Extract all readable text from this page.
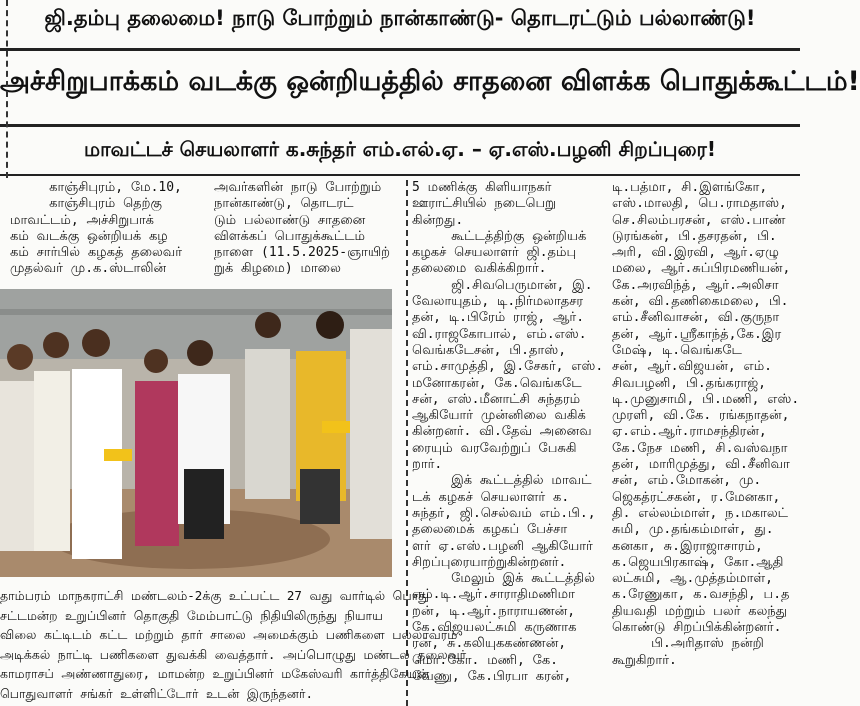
ஜி.தம்பு தலைமை! நாடு போற்றும் நான்காண்டு- தொடரட்டும் பல்லாண்டு!
அச்சிறுபாக்கம் வடக்கு ஒன்றியத்தில் சாதனை விளக்க பொதுக்கூட்டம்!
மாவட்டச் செயலாளர் க.சுந்தர் எம்.எல்.ஏ. – ஏ.எஸ்.பழனி சிறப்புரை!
காஞ்சிபுரம், மே.10,
காஞ்சிபுரம் தெற்கு
மாவட்டம், அச்சிறுபாக்
கம் வடக்கு ஒன்றியக் கழ
கம் சார்பில் கழகத் தலைவர்
முதல்வர் மு.க.ஸ்டாலின்
அவர்களின் நாடு போற்றும்
நான்காண்டு, தொடரட்
டும் பல்லாண்டு சாதனை
விளக்கப் பொதுக்கூட்டம்
நாளை (11.5.2025-ஞாயிற்
றுக் கிழமை) மாலை
5 மணிக்கு கிளியாநகர்
ஊராட்சியில் நடைபெறு
கின்றது.
கூட்டத்திற்கு ஒன்றியக்
கழகச் செயலாளர் ஜி.தம்பு
தலைமை வகிக்கிறார்.
ஜி.சிவபெருமான், இ.
வேலாயுதம், டி.நிர்மலாதசர
தன், டி.பிரேம் ராஜ், ஆர்.
வி.ராஜகோபால், எம்.எஸ்.
வெங்கடேசன், பி.தாஸ்,
எம்.சாமுத்தி, இ.சேகர், எஸ்.
மனோகரன், கே.வெங்கடே
சன், எஸ்.மீனாட்சி சுந்தரம்
ஆகியோர் முன்னிலை வகிக்
கின்றனர். வி.தேவ் அனைவ
ரையும் வரவேற்றுப் பேசுகி
றார்.
இக் கூட்டத்தில் மாவட்
டக் கழகச் செயலாளர் க.
சுந்தர், ஜி.செல்வம் எம்.பி.,
தலைமைக் கழகப் பேச்சா
ளர் ஏ.எஸ்.பழனி ஆகியோர்
சிறப்புரையாற்றுகின்றனர்.
மேலும் இக் கூட்டத்தில்
எம்.டி.ஆர்.சாராதிமணிமா
றன், டி.ஆர்.நாராயணன்,
கே.விஜயலட்சுமி கருணாக
ரன், சு.கலியுககண்ணன்,
மொ.கோ. மணி, கே.
வேணு, கே.பிரபா கரன்,
டி.பத்மா, சி.இளங்கோ,
எஸ்.மாலதி, பெ.ராமதாஸ்,
செ.சிலம்பரசன், எஸ்.பாண்
டுரங்கன், பி.தசரதன், பி.
அரி, வி.இரவி, ஆர்.ஏழு
மலை, ஆர்.சுப்பிரமணியன்,
கே.அரவிந்த், ஆர்.அலிசா
கன், வி.தணிகைமலை, பி.
எம்.சீனிவாசன், வி.குருநா
தன், ஆர்.ஸ்ரீகாந்த்,கே.இர
மேஷ், டி.வெங்கடே
சன், ஆர்.விஜயன், எம்.
சிவபழனி, பி.தங்கராஜ்,
டி.முனுசாமி, பி.மணி, எஸ்.
முரளி, வி.கே. ரங்கநாதன்,
ஏ.எம்.ஆர்.ராமசந்திரன்,
கே.நேச மணி, சி.வஸ்வநா
தன், மாரிமுத்து, வி.சீனிவா
சன், எம்.மோகன், மு.
ஜெகத்ரட்சகன், ர.மேனகா,
தி. எல்லம்மாள், ந.மகாலட்
சுமி, மு.தங்கம்மாள், து.
கனகா, சு.இராஜாசாரம்,
க.ஜெயபிரகாஷ், கோ.ஆதி
லட்சுமி, ஆ.முத்தம்மாள்,
க.ரேணுகா, க.வசந்தி, ப.த
தியவதி மற்றும் பலர் கலந்து
கொண்டு சிறப்பிக்கின்றனர்.
பி.அரிதாஸ் நன்றி
கூறுகிறார்.
தாம்பரம் மாநகராட்சி மண்டலம்-2க்கு உட்பட்ட 27 வது வார்டில் பொது
சட்டமன்ற உறுப்பினர் தொகுதி மேம்பாட்டு நிதியிலிருந்து நியாய
விலை கட்டிடம் கட்ட மற்றும் தார் சாலை அமைக்கும் பணிகளை பல்லாவரம்
அடிக்கல் நாட்டி பணிகளை துவக்கி வைத்தார். அப்பொழுது மண்டல தலைவர்
காமராசப் அண்ணாதுரை, மாமன்ற உறுப்பினர் மகேஸ்வரி கார்த்திகேயன்
பொதுவாளர் சங்கர் உள்ளிட்டோர் உடன் இருந்தனர்.
